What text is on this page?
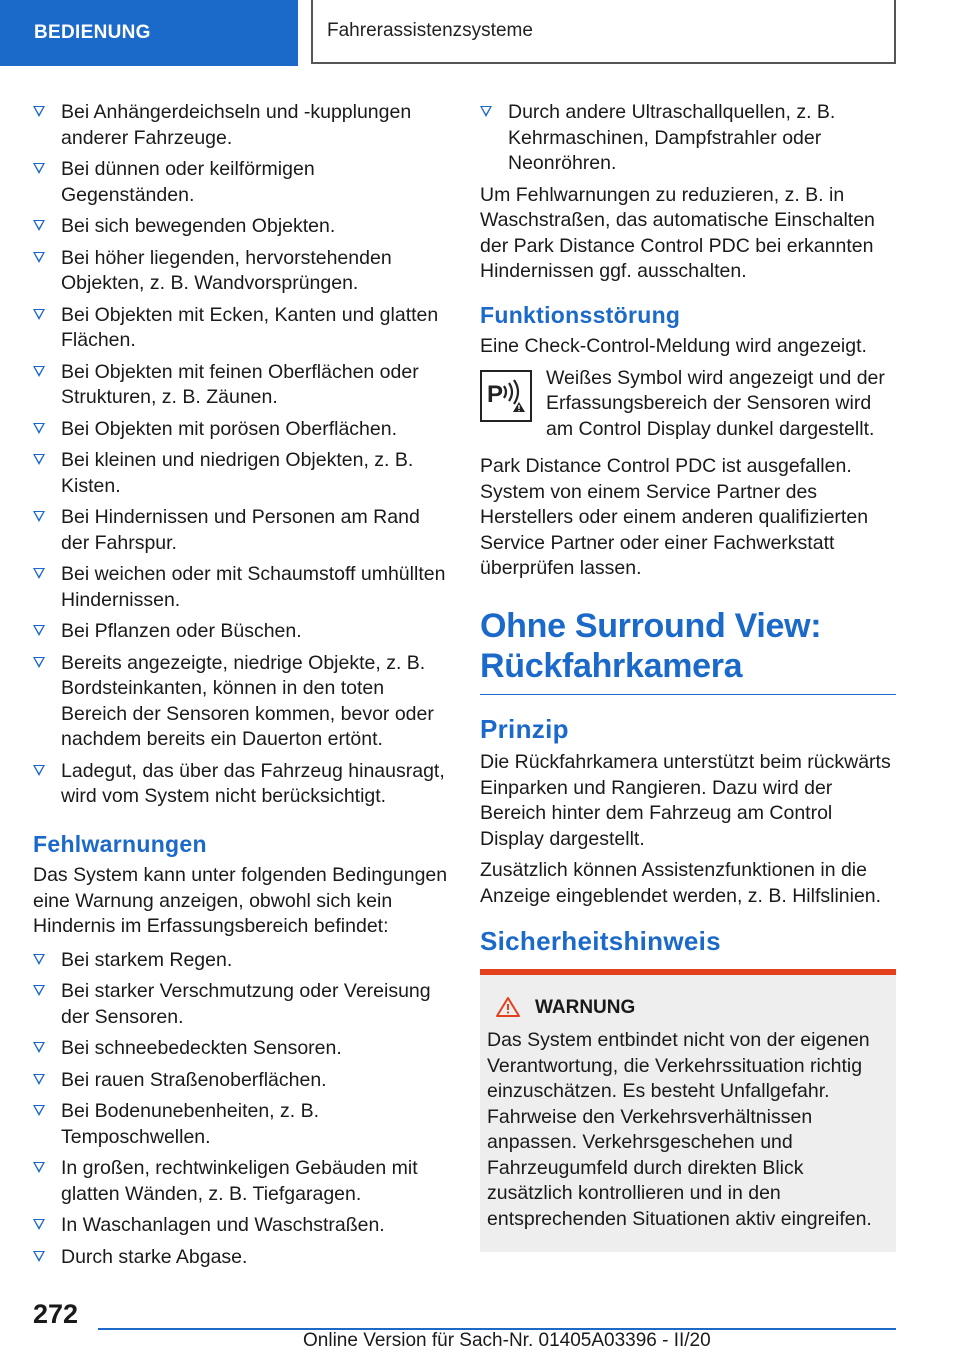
BEDIENUNG	Fahrerassistenzsysteme
Bei Anhängerdeichseln und -kupplungen anderer Fahrzeuge.
Bei dünnen oder keilförmigen Gegenständen.
Bei sich bewegenden Objekten.
Bei höher liegenden, hervorstehenden Objekten, z. B. Wandvorsprüngen.
Bei Objekten mit Ecken, Kanten und glatten Flächen.
Bei Objekten mit feinen Oberflächen oder Strukturen, z. B. Zäunen.
Bei Objekten mit porösen Oberflächen.
Bei kleinen und niedrigen Objekten, z. B. Kisten.
Bei Hindernissen und Personen am Rand der Fahrspur.
Bei weichen oder mit Schaumstoff umhüllten Hindernissen.
Bei Pflanzen oder Büschen.
Bereits angezeigte, niedrige Objekte, z. B. Bordsteinkanten, können in den toten Bereich der Sensoren kommen, bevor oder nachdem bereits ein Dauerton ertönt.
Ladegut, das über das Fahrzeug hinausragt, wird vom System nicht berücksichtigt.
Fehlwarnungen

Das System kann unter folgenden Bedingungen eine Warnung anzeigen, obwohl sich kein Hindernis im Erfassungsbereich befindet:

Bei starkem Regen.
Bei starker Verschmutzung oder Vereisung der Sensoren.
Bei schneebedeckten Sensoren.
Bei rauen Straßenoberflächen.
Bei Bodenunebenheiten, z. B. Temposchwellen.
In großen, rechtwinkeligen Gebäuden mit glatten Wänden, z. B. Tiefgaragen.
In Waschanlagen und Waschstraßen.
Durch starke Abgase.
Durch andere Ultraschallquellen, z. B. Kehrmaschinen, Dampfstrahler oder Neonröhren.

Um Fehlwarnungen zu reduzieren, z. B. in Waschstraßen, das automatische Einschalten der Park Distance Control PDC bei erkannten Hindernissen ggf. ausschalten.

Funktionsstörung

Eine Check-Control-Meldung wird angezeigt.

P
Weißes Symbol wird angezeigt und der Erfassungsbereich der Sensoren wird am Control Display dunkel dargestellt.

Park Distance Control PDC ist ausgefallen. System von einem Service Partner des Herstellers oder einem anderen qualifizierten Service Partner oder einer Fachwerkstatt überprüfen lassen.

Ohne Surround View: Rückfahrkamera
Prinzip

Die Rückfahrkamera unterstützt beim rückwärts Einparken und Rangieren. Dazu wird der Bereich hinter dem Fahrzeug am Control Display dargestellt.

Zusätzlich können Assistenzfunktionen in die Anzeige eingeblendet werden, z. B. Hilfslinien.

Sicherheitshinweis
WARNUNG
Das System entbindet nicht von der eigenen Verantwortung, die Verkehrssituation richtig einzuschätzen. Es besteht Unfallgefahr. Fahrweise den Verkehrsverhältnissen anpassen. Verkehrsgeschehen und Fahrzeugumfeld durch direkten Blick zusätzlich kontrollieren und in den entsprechenden Situationen aktiv eingreifen.
272
Online Version für Sach-Nr. 01405A03396 - II/20
